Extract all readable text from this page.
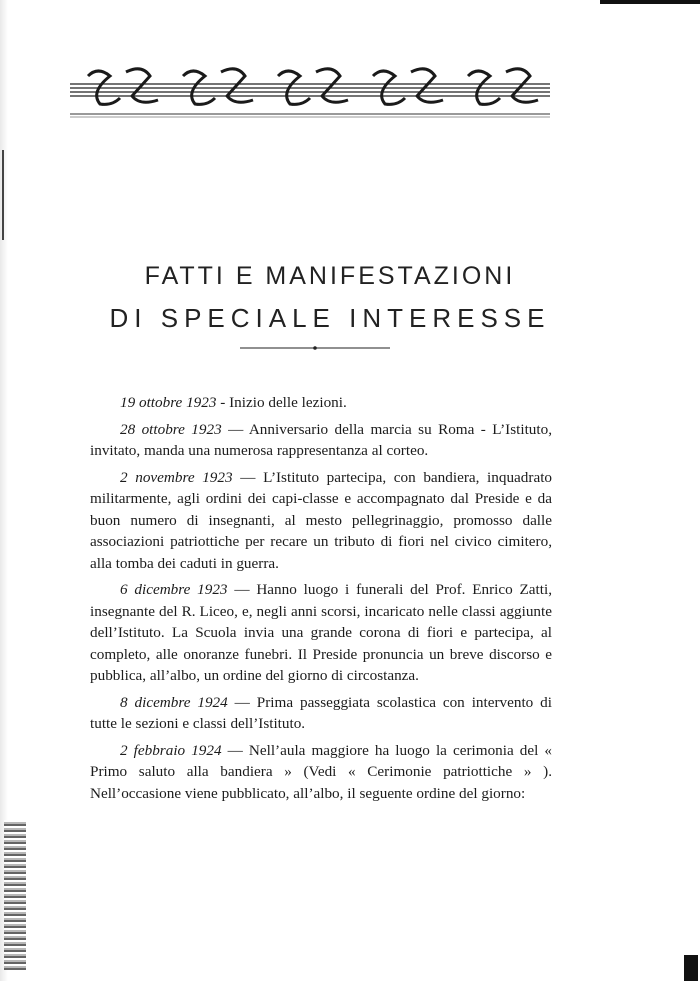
FATTI E MANIFESTAZIONI
DI SPECIALE INTERESSE

19 ottobre 1923 - Inizio delle lezioni.

28 ottobre 1923 — Anniversario della marcia su Roma - L’Istituto, invitato, manda una numerosa rappresentanza al corteo.

2 novembre 1923 — L’Istituto partecipa, con bandiera, inquadrato militarmente, agli ordini dei capi-classe e accompagnato dal Preside e da buon numero di insegnanti, al mesto pellegrinaggio, promosso dalle associazioni patriottiche per recare un tributo di fiori nel civico cimitero, alla tomba dei caduti in guerra.

6 dicembre 1923 — Hanno luogo i funerali del Prof. Enrico Zatti, insegnante del R. Liceo, e, negli anni scorsi, incaricato nelle classi aggiunte dell’Istituto. La Scuola invia una grande corona di fiori e partecipa, al completo, alle onoranze funebri. Il Preside pronuncia un breve discorso e pubblica, all’albo, un ordine del giorno di circostanza.

8 dicembre 1924 — Prima passeggiata scolastica con intervento di tutte le sezioni e classi dell’Istituto.

2 febbraio 1924 — Nell’aula maggiore ha luogo la cerimonia del « Primo saluto alla bandiera » (Vedi « Cerimonie patriottiche » ). Nell’occasione viene pubblicato, all’albo, il seguente ordine del giorno:
